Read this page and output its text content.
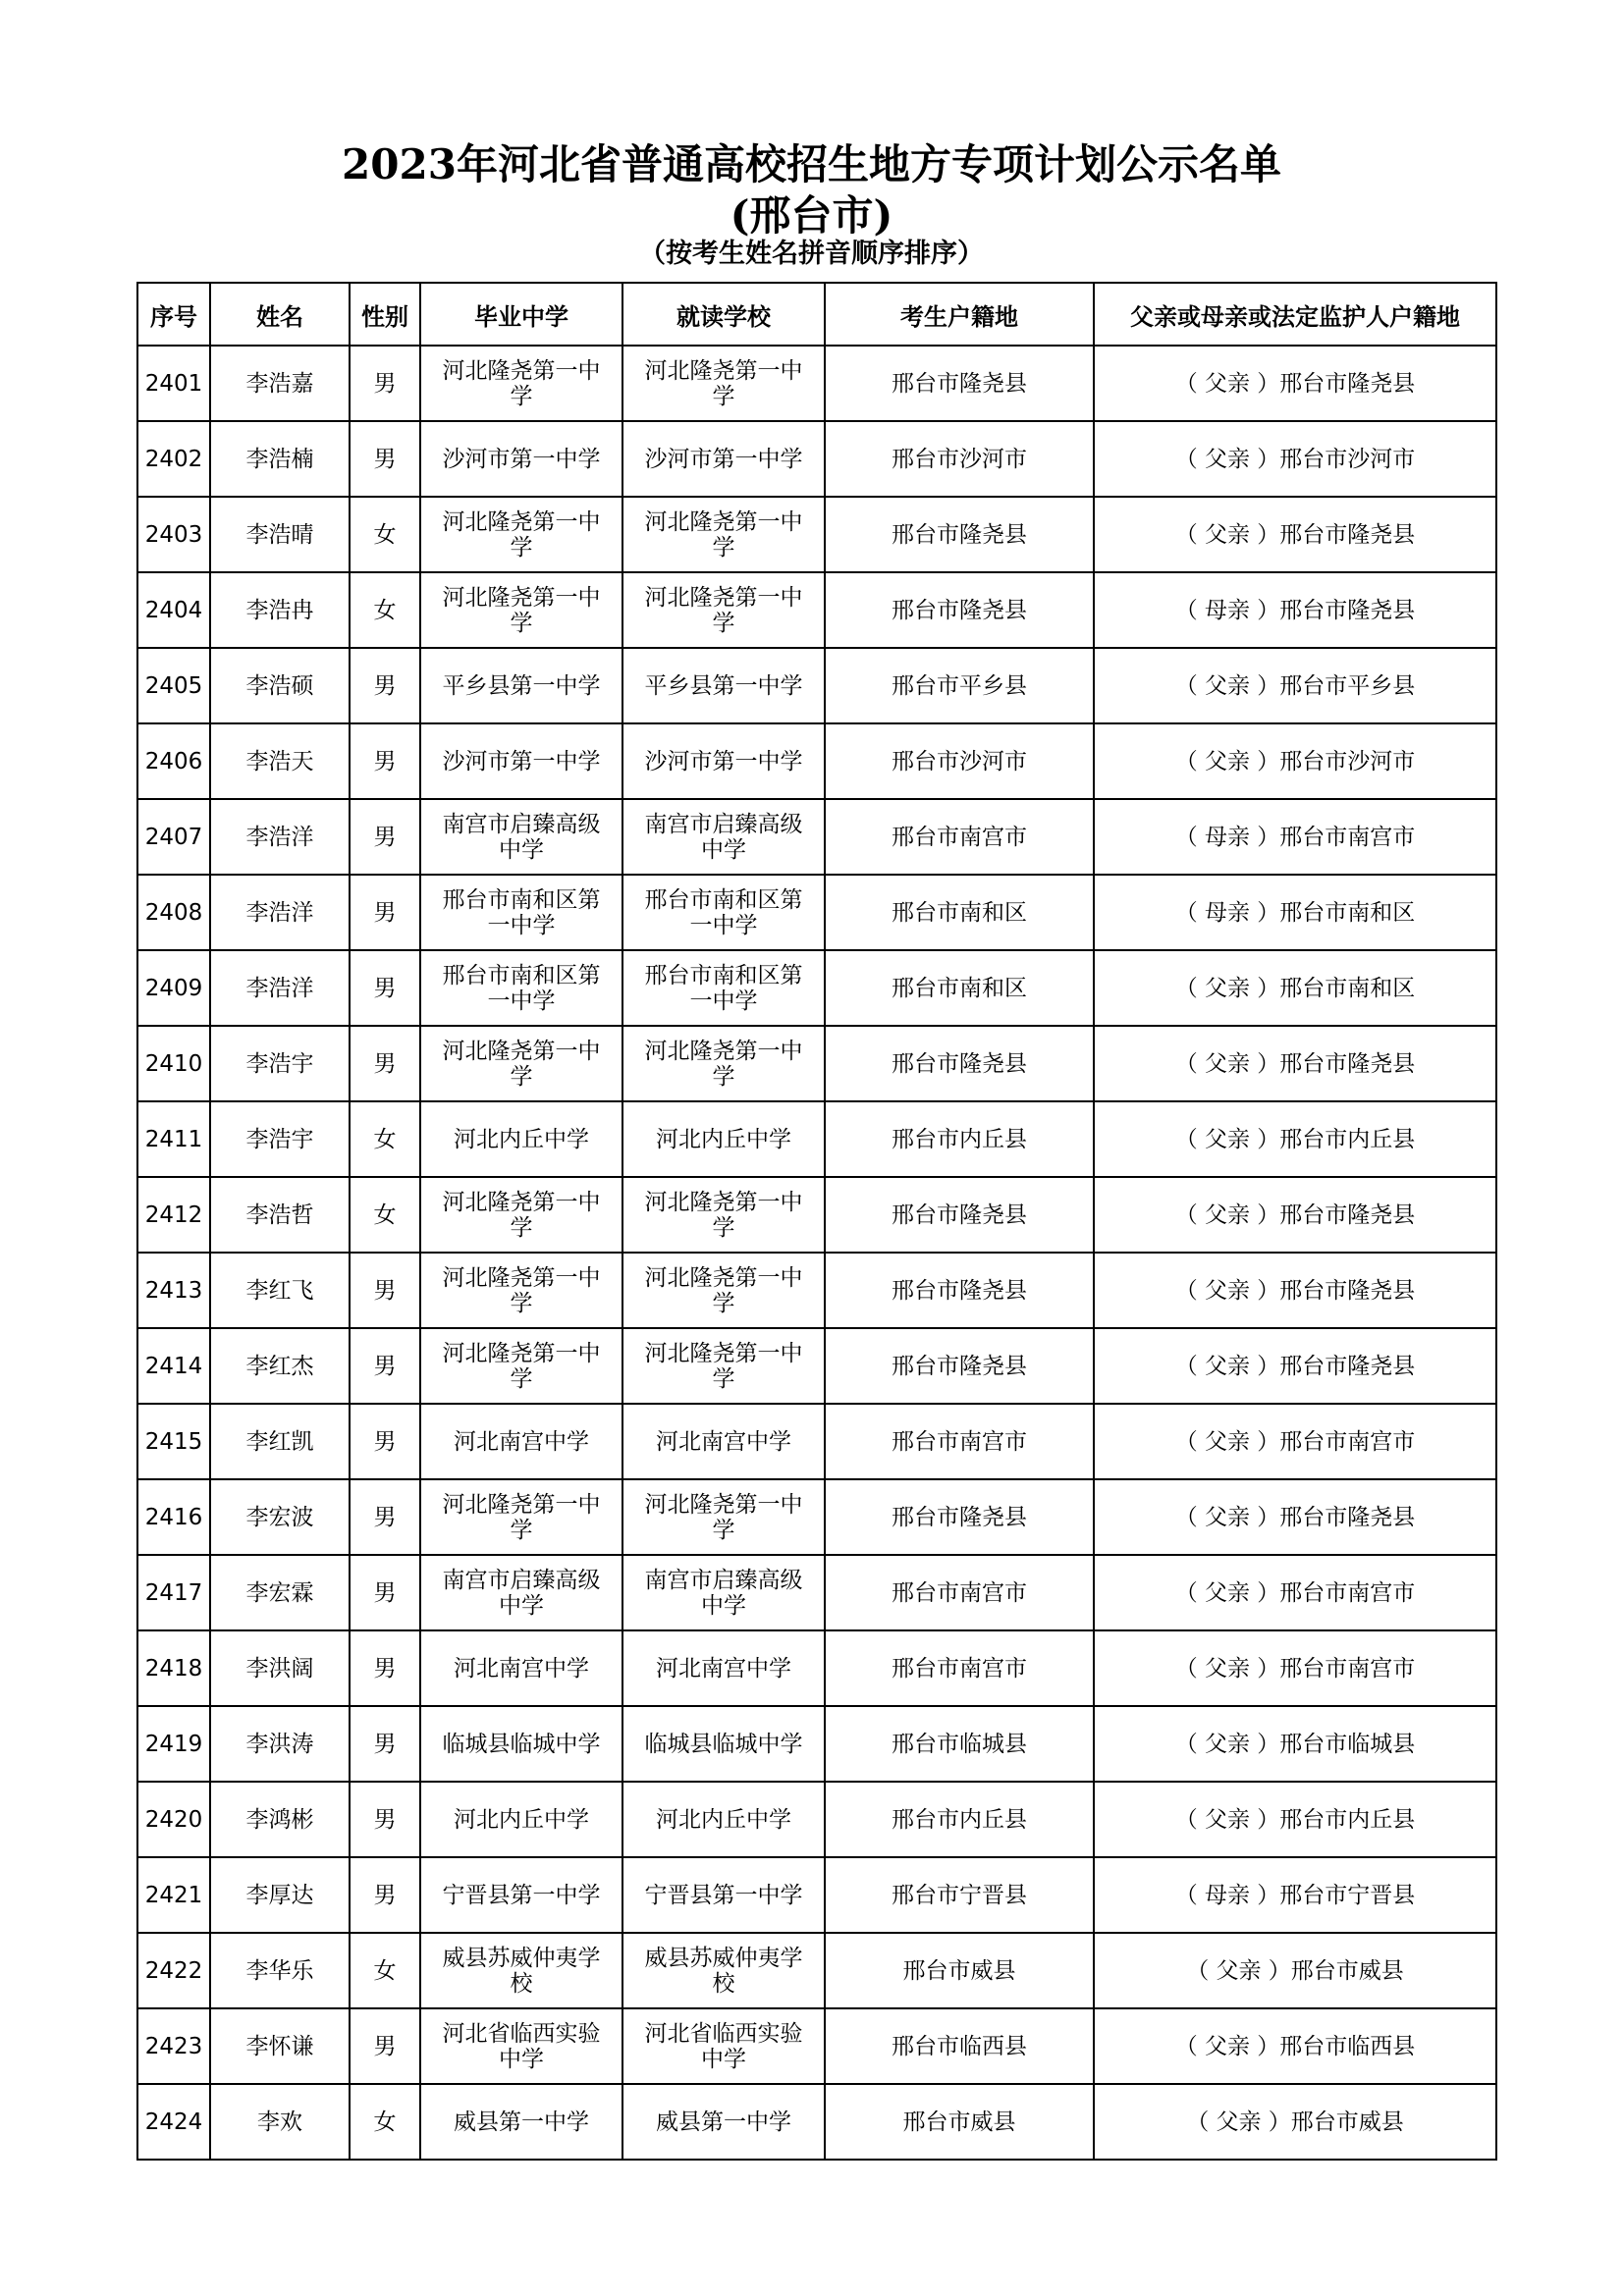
2023年河北省普通高校招生地方专项计划公示名单
(邢台市)
（按考生姓名拼音顺序排序）
序号	姓名	性别	毕业中学	就读学校	考生户籍地	父亲或母亲或法定监护人户籍地
2401	李浩嘉	男	河北隆尧第一中学	河北隆尧第一中学	邢台市隆尧县	（ 父亲 ）邢台市隆尧县
2402	李浩楠	男	沙河市第一中学	沙河市第一中学	邢台市沙河市	（ 父亲 ）邢台市沙河市
2403	李浩晴	女	河北隆尧第一中学	河北隆尧第一中学	邢台市隆尧县	（ 父亲 ）邢台市隆尧县
2404	李浩冉	女	河北隆尧第一中学	河北隆尧第一中学	邢台市隆尧县	（ 母亲 ）邢台市隆尧县
2405	李浩硕	男	平乡县第一中学	平乡县第一中学	邢台市平乡县	（ 父亲 ）邢台市平乡县
2406	李浩天	男	沙河市第一中学	沙河市第一中学	邢台市沙河市	（ 父亲 ）邢台市沙河市
2407	李浩洋	男	南宫市启臻高级中学	南宫市启臻高级中学	邢台市南宫市	（ 母亲 ）邢台市南宫市
2408	李浩洋	男	邢台市南和区第一中学	邢台市南和区第一中学	邢台市南和区	（ 母亲 ）邢台市南和区
2409	李浩洋	男	邢台市南和区第一中学	邢台市南和区第一中学	邢台市南和区	（ 父亲 ）邢台市南和区
2410	李浩宇	男	河北隆尧第一中学	河北隆尧第一中学	邢台市隆尧县	（ 父亲 ）邢台市隆尧县
2411	李浩宇	女	河北内丘中学	河北内丘中学	邢台市内丘县	（ 父亲 ）邢台市内丘县
2412	李浩哲	女	河北隆尧第一中学	河北隆尧第一中学	邢台市隆尧县	（ 父亲 ）邢台市隆尧县
2413	李红飞	男	河北隆尧第一中学	河北隆尧第一中学	邢台市隆尧县	（ 父亲 ）邢台市隆尧县
2414	李红杰	男	河北隆尧第一中学	河北隆尧第一中学	邢台市隆尧县	（ 父亲 ）邢台市隆尧县
2415	李红凯	男	河北南宫中学	河北南宫中学	邢台市南宫市	（ 父亲 ）邢台市南宫市
2416	李宏波	男	河北隆尧第一中学	河北隆尧第一中学	邢台市隆尧县	（ 父亲 ）邢台市隆尧县
2417	李宏霖	男	南宫市启臻高级中学	南宫市启臻高级中学	邢台市南宫市	（ 父亲 ）邢台市南宫市
2418	李洪阔	男	河北南宫中学	河北南宫中学	邢台市南宫市	（ 父亲 ）邢台市南宫市
2419	李洪涛	男	临城县临城中学	临城县临城中学	邢台市临城县	（ 父亲 ）邢台市临城县
2420	李鸿彬	男	河北内丘中学	河北内丘中学	邢台市内丘县	（ 父亲 ）邢台市内丘县
2421	李厚达	男	宁晋县第一中学	宁晋县第一中学	邢台市宁晋县	（ 母亲 ）邢台市宁晋县
2422	李华乐	女	威县苏威仲夷学校	威县苏威仲夷学校	邢台市威县	（ 父亲 ）邢台市威县
2423	李怀谦	男	河北省临西实验中学	河北省临西实验中学	邢台市临西县	（ 父亲 ）邢台市临西县
2424	李欢	女	威县第一中学	威县第一中学	邢台市威县	（ 父亲 ）邢台市威县
